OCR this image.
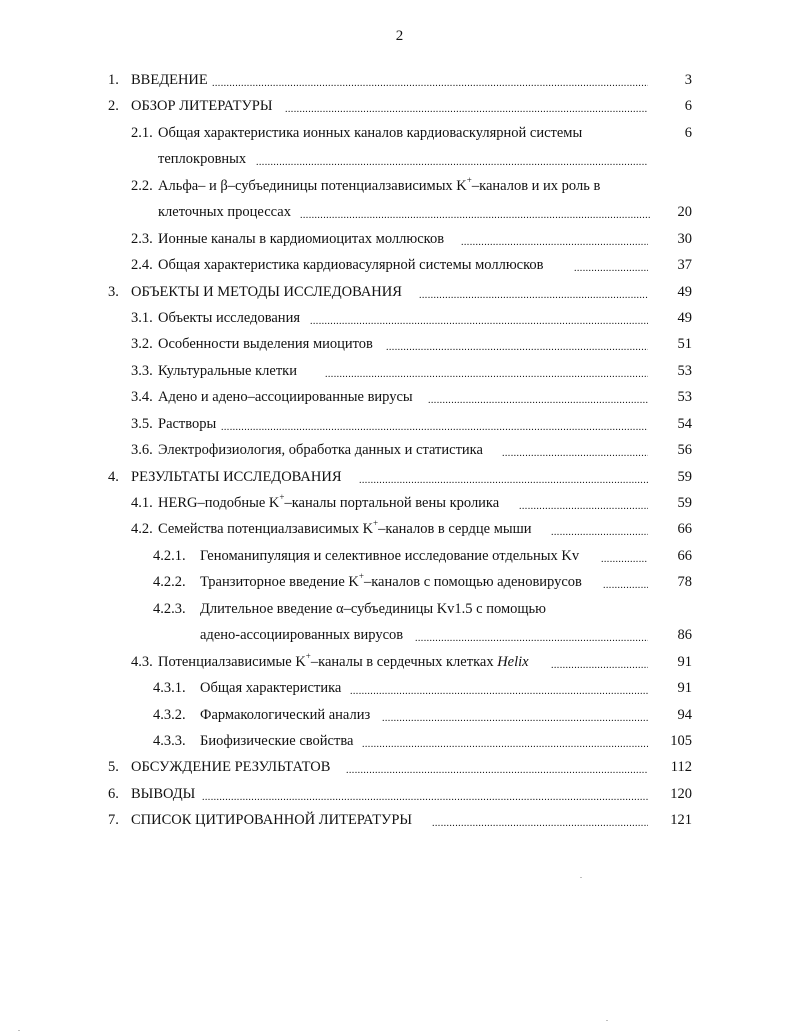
2
1. ВВЕДЕНИЕ .....	3
2. ОБЗОР ЛИТЕРАТУРЫ .....	6
2.1. Общая характеристика ионных каналов кардиоваскулярной системы	6
теплокровных
.....
2.2. Альфа– и β–субъединицы потенциалзависимых K+–каналов и их роль в
клеточных процессах .....	20
2.3. Ионные каналы в кардиомиоцитах моллюсков .....	30
2.4. Общая характеристика кардиовасулярной системы моллюсков .....	37
3. ОБЪЕКТЫ И МЕТОДЫ ИССЛЕДОВАНИЯ .....	49
3.1. Объекты исследования .....	49
3.2. Особенности выделения миоцитов .....	51
3.3. Культуральные клетки .....	53
3.4. Адено и адено–ассоциированные вирусы .....	53
3.5. Растворы .....	54
3.6. Электрофизиология, обработка данных и статистика .....	56
4. РЕЗУЛЬТАТЫ ИССЛЕДОВАНИЯ .....	59
4.1. HERG–подобные K+–каналы портальной вены кролика .....	59
4.2. Семейства потенциалзависимых K+–каналов в сердце мыши .....	66
4.2.1. Геноманипуляция и селективное исследование отдельных Kv .....	66
4.2.2. Транзиторное введение K+–каналов с помощью аденовирусов .....	78
4.2.3. Длительное введение α–субъединицы Kv1.5 с помощью
адено-ассоциированных вирусов .....	86
4.3. Потенциалзависимые K+–каналы в сердечных клетках Helix .....	91
4.3.1. Общая характеристика .....	91
4.3.2. Фармакологический анализ .....	94
4.3.3. Биофизические свойства .....	105
5. ОБСУЖДЕНИЕ РЕЗУЛЬТАТОВ .....	112
6. ВЫВОДЫ .....	120
7. СПИСОК ЦИТИРОВАННОЙ ЛИТЕРАТУРЫ .....	121
